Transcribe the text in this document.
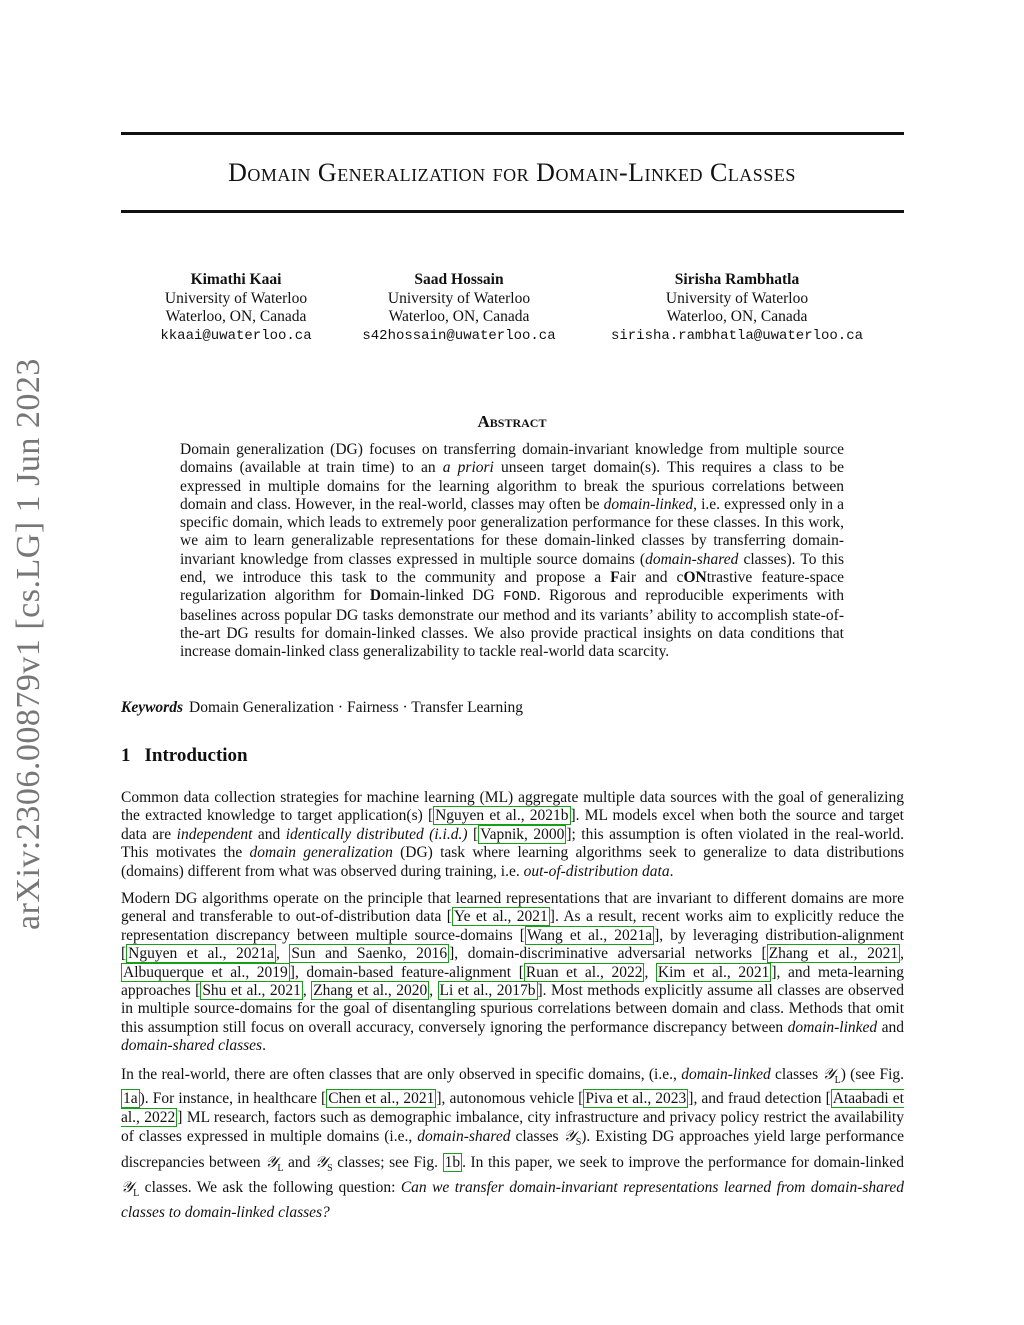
Domain Generalization for Domain-Linked Classes
Kimathi Kaai
University of Waterloo
Waterloo, ON, Canada
kkaai@uwaterloo.ca
Saad Hossain
University of Waterloo
Waterloo, ON, Canada
s42hossain@uwaterloo.ca
Sirisha Rambhatla
University of Waterloo
Waterloo, ON, Canada
sirisha.rambhatla@uwaterloo.ca
arXiv:2306.00879v1 [cs.LG] 1 Jun 2023	Abstract

Domain generalization (DG) focuses on transferring domain-invariant knowledge from multiple source domains (available at train time) to an a priori unseen target domain(s). This requires a class to be expressed in multiple domains for the learning algorithm to break the spurious correlations between domain and class. However, in the real-world, classes may often be domain-linked, i.e. expressed only in a specific domain, which leads to extremely poor generalization performance for these classes. In this work, we aim to learn generalizable representations for these domain-linked classes by transferring domain-invariant knowledge from classes expressed in multiple source domains (domain-shared classes). To this end, we introduce this task to the community and propose a Fair and cONtrastive feature-space regularization algorithm for Domain-linked DG FOND. Rigorous and reproducible experiments with baselines across popular DG tasks demonstrate our method and its variants’ ability to accomplish state-of-the-art DG results for domain-linked classes. We also provide practical insights on data conditions that increase domain-linked class generalizability to tackle real-world data scarcity.

Keywords Domain Generalization · Fairness · Transfer Learning
1 Introduction

Common data collection strategies for machine learning (ML) aggregate multiple data sources with the goal of generalizing the extracted knowledge to target application(s) [ Nguyen et al., 2021b ]. ML models excel when both the source and target data are independent and identically distributed (i.i.d.) [ Vapnik, 2000 ]; this assumption is often violated in the real-world. This motivates the domain generalization (DG) task where learning algorithms seek to generalize to data distributions (domains) different from what was observed during training, i.e. out-of-distribution data.

Modern DG algorithms operate on the principle that learned representations that are invariant to different domains are more general and transferable to out-of-distribution data [ Ye et al., 2021 ]. As a result, recent works aim to explicitly reduce the representation discrepancy between multiple source-domains [ Wang et al., 2021a ], by leveraging distribution-alignment [ Nguyen et al., 2021a , Sun and Saenko, 2016 ], domain-discriminative adversarial networks [ Zhang et al., 2021 , Albuquerque et al., 2019 ], domain-based feature-alignment [ Ruan et al., 2022 , Kim et al., 2021 ], and meta-learning approaches [ Shu et al., 2021 , Zhang et al., 2020 , Li et al., 2017b ]. Most methods explicitly assume all classes are observed in multiple source-domains for the goal of disentangling spurious correlations between domain and class. Methods that omit this assumption still focus on overall accuracy, conversely ignoring the performance discrepancy between domain-linked and domain-shared classes.

In the real-world, there are often classes that are only observed in specific domains, (i.e., domain-linked classes 𝒴$_L$) (see Fig. 1a ). For instance, in healthcare [ Chen et al., 2021 ], autonomous vehicle [ Piva et al., 2023 ], and fraud detection [ Ataabadi et al., 2022 ] ML research, factors such as demographic imbalance, city infrastructure and privacy policy restrict the availability of classes expressed in multiple domains (i.e., domain-shared classes 𝒴$_S$). Existing DG approaches yield large performance discrepancies between 𝒴$_L$ and 𝒴$_S$ classes; see Fig. 1b . In this paper, we seek to improve the performance for domain-linked 𝒴$_L$ classes. We ask the following question: Can we transfer domain-invariant representations learned from domain-shared classes to domain-linked classes?
